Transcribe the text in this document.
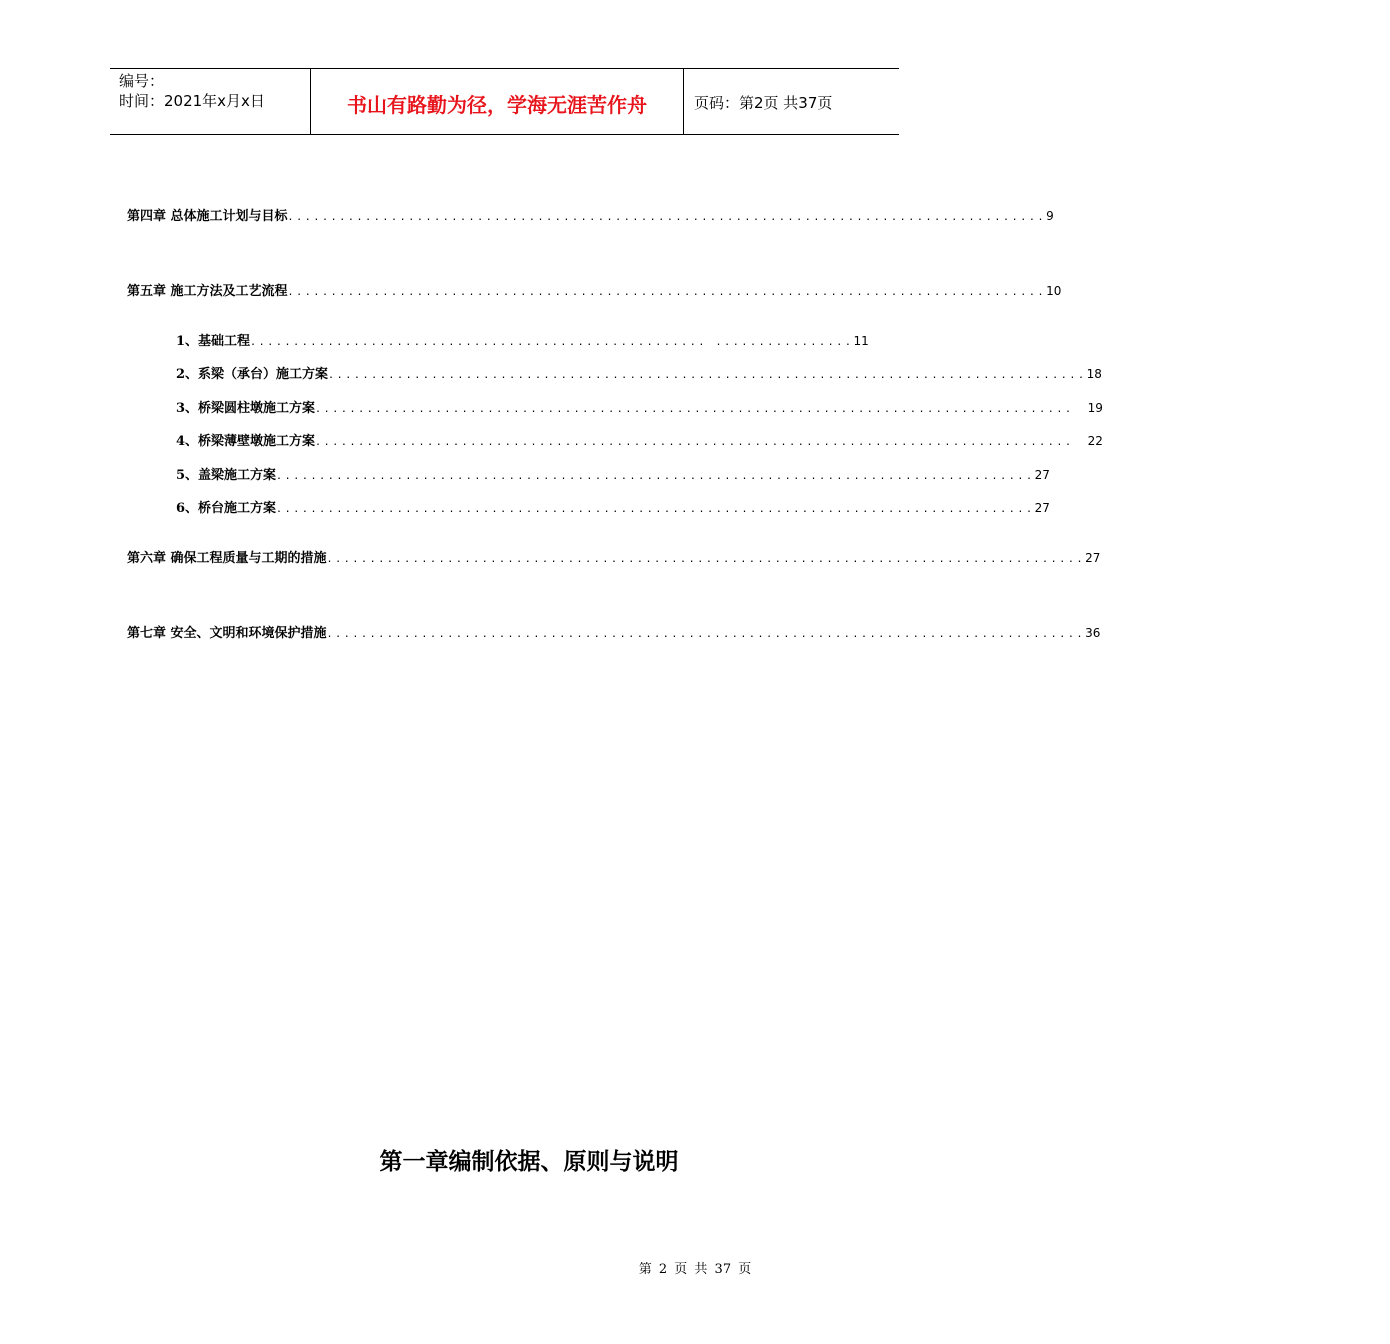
编号：
时间：2021年x月x日	书山有路勤为径，学海无涯苦作舟	页码：第2页 共37页
第四章 总体施工计划与目标 ........................................................................................ 9
第五章 施工方法及工艺流程 ........................................................................................ 10
1、基础工程 ..................................................... ................ 11
2、系梁（承台）施工方案 ........................................................................................ 18
3、桥梁圆柱墩施工方案 ........................................................................................ 19
4、桥梁薄壁墩施工方案 ........................................................................................ 22
5、盖梁施工方案 ........................................................................................ 27
6、桥台施工方案 ........................................................................................ 27
第六章 确保工程质量与工期的措施 ........................................................................................ 27
第七章 安全、文明和环境保护措施 ........................................................................................ 36
第一章编制依据、原则与说明
第 2 页 共 37 页
